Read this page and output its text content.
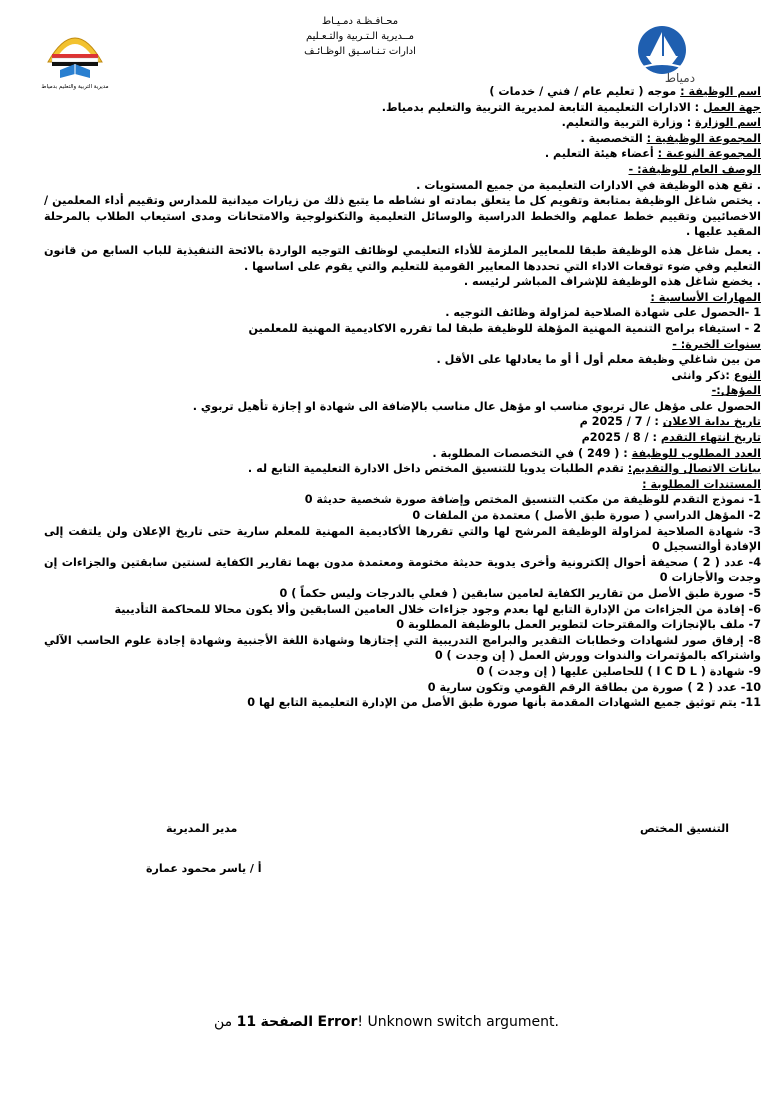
مديرية التربية والتعليم بدمياط
محـافـظـة دمـيـاط
مــديرية الـتـربية والتـعـليم
ادارات تـنـاسـيق الوظـائـف
دمياط

اسم الوظيفة : موجه ( تعليم عام / فني / خدمات )

جهة العمل : الادارات التعليمية التابعة لمديرية التربية والتعليم بدمياط.

اسم الوزارة : وزارة التربية والتعليم.

المجموعة الوظيفية : التخصصية .

المجموعة النوعية : أعضاء هيئة التعليم .

الوصف العام للوظيفة: -

. تقع هذه الوظيفة في الادارات التعليمية من جميع المستويات .

. يختص شاغل الوظيفة بمتابعة وتقويم كل ما يتعلق بمادته او نشاطه ما يتبع ذلك من زيارات ميدانية للمدارس وتقييم أداء المعلمين / الاخصائيين وتقييم خطط عملهم والخطط الدراسية والوسائل التعليمية والتكنولوجية والامتحانات ومدى استيعاب الطلاب بالمرحلة المقيد عليها .

. يعمل شاغل هذه الوظيفة طبقا للمعايير الملزمة للأداء التعليمي لوظائف التوجيه الواردة بالائحة التنفيذية للباب السابع من قانون التعليم وفي ضوء توقعات الاداء التي تحددها المعايير القومية للتعليم والتي يقوم على اساسها .

. يخضع شاغل هذه الوظيفة للإشراف المباشر لرئيسه .

المهارات الأساسية :

1 -الحصول على شهادة الصلاحية لمزاولة وظائف التوجيه .

2 - استيفاء برامج التنمية المهنية المؤهلة للوظيفة طبقا لما تقرره الاكاديمية المهنية للمعلمين

سنوات الخبرة: -

من بين شاغلي وظيفة معلم أول أ أو ما يعادلها على الأقل .

النوع :ذكر وانثى

المؤهل:-

الحصول على مؤهل عال تربوي مناسب او مؤهل عال مناسب بالإضافة الى شهادة او إجازة تأهيل تربوي .

تاريخ بداية الاعلان : / 7 / 2025 م

تاريخ انتهاء التقدم : / 8 / 2025م

العدد المطلوب للوظيفة : ( 249 ) في التخصصات المطلوبة .

بيانات الاتصال والتقديم: تقدم الطلبات يدويا للتنسيق المختص داخل الادارة التعليمية التابع له .

المستندات المطلوبة :

1- نموذج التقدم للوظيفة من مكتب التنسيق المختص وإضافة صورة شخصية حديثة 0

2- المؤهل الدراسي ( صورة طبق الأصل ) معتمدة من الملفات 0

3- شهادة الصلاحية لمزاولة الوظيفة المرشح لها والتي تقررها الأكاديمية المهنية للمعلم سارية حتى تاريخ الإعلان ولن يلتفت إلى الإفادة أوالتسجيل 0

4- عدد ( 2 ) صحيفة أحوال إلكترونية وأخرى يدوية حديثة مختومة ومعتمدة مدون بهما تقارير الكفاية لسنتين سابقتين والجزاءات إن وجدت والأجازات 0

5- صورة طبق الأصل من تقارير الكفاية لعامين سابقين ( فعلي بالدرجات وليس حكماً ) 0

6- إفادة من الجزاءات من الإدارة التابع لها بعدم وجود جزاءات خلال العامين السابقين وألا يكون محالا للمحاكمة التأديبية

7- ملف بالإنجازات والمقترحات لتطوير العمل بالوظيفة المطلوبة 0

8- إرفاق صور لشهادات وخطابات التقدير والبرامج التدريبية التي إجتازها وشهادة اللغة الأجنبية وشهادة إجادة علوم الحاسب الآلي واشتراكه بالمؤتمرات والندوات وورش العمل ( إن وجدت ) 0

9- شهادة ( I C D L ) للحاصلين عليها ( إن وجدت ) 0

10- عدد ( 2 ) صورة من بطاقة الرقم القومي وتكون سارية 0

11- يتم توثيق جميع الشهادات المقدمة بأنها صورة طبق الأصل من الإدارة التعليمية التابع لها 0

التنسيق المختص
مدير المديرية
أ / ياسر محمود عمارة
الصفحة 11 من	Error! Unknown switch argument.
